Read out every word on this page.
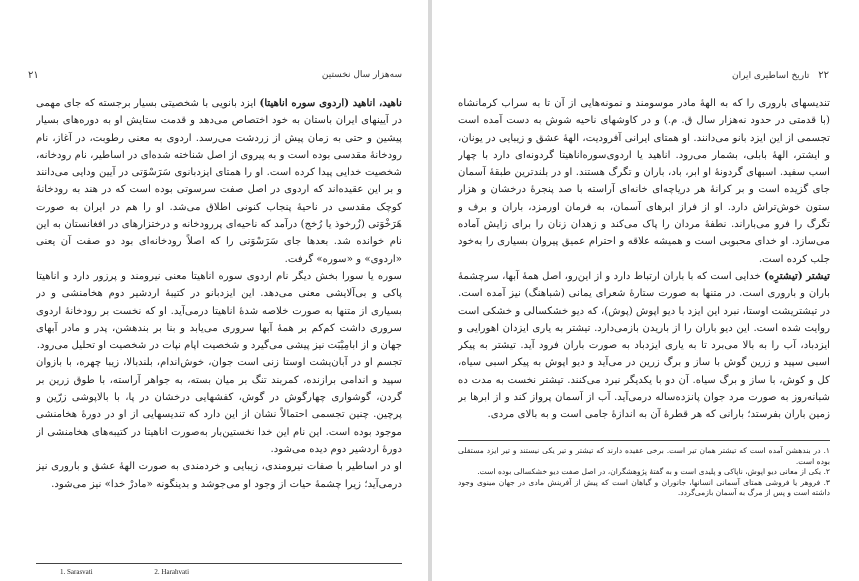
سه‌هزار سال نخستین
۲۱

ناهید، اناهید (اردوی سوره اناهیتا) ایزد بانویی با شخصیتی بسیار برجسته که جای مهمی در آیینهای ایران باستان به خود اختصاص می‌دهد و قدمت ستایش او به دوره‌های بسیار پیشین و حتی به زمان پیش از زردشت می‌رسد. اردوی به معنی رطوبت، در آغاز، نام رودخانهٔ مقدسی بوده است و به پیروی از اصل شناخته شده‌ای در اساطیر، نام رودخانه، شخصیت خدایی پیدا کرده است. او را همتای ایزدبانوی سَرَسْوَتی در آیین ودایی می‌دانند و بر این عقیده‌اند که اردوی در اصل صفت سرسوتی بوده است که در هند به رودخانهٔ کوچک مقدسی در ناحیهٔ پنجاب کنونی اطلاق می‌شد. او را هم در ایران به صورت هَرَخْوَتی (زُرخوذ یا رُخج) درآمد که ناحیه‌ای پررودخانه و درختزارهای در افغانستان به این نام خوانده شد. بعدها جای سَرَسْوَتی را که اصلاً رودخانه‌ای بود دو صفت آن یعنی «اردوی» و «سوره» گرفت.

سوره یا سورا بخش دیگر نام اردوی سوره اناهیتا معنی نیرومند و پرزور دارد و اناهیتا پاکی و بی‌آلایشی معنی می‌دهد. این ایزدبانو در کتیبهٔ اردشیر دوم هخامنشی و در بسیاری از متنها به صورت خلاصه شدهٔ اناهیتا درمی‌آید. او که نخست بر رودخانهٔ اردوی سروری داشت کم‌کم بر همهٔ آبها سروری می‌یابد و بنا بر بندهشن، پدر و مادر آبهای جهان و از ابامِیْبَت نیز پیشی می‌گیرد و شخصیت اپام نپات در شخصیت او تحلیل می‌رود.

تجسم او در آبان‌یشت اوستا زنی است جوان، خوش‌اندام، بلندبالا، زیبا چهره، با بازوان سپید و اندامی برازنده، کمربند تنگ بر میان بسته، به جواهر آراسته، با طوق زرین بر گردن، گوشواری چهارگوش در گوش، کفشهایی درخشان در پا، با بالاپوشی زرّین و پرچین. چنین تجسمی احتمالاً نشان از این دارد که تندیسهایی از او در دورهٔ هخامنشی موجود بوده است. این نام این خدا نخستین‌بار به‌صورت اناهیتا در کتیبه‌های هخامنشی از دورهٔ اردشیر دوم دیده می‌شود.

او در اساطیر با صفات نیرومندی، زیبایی و خردمندی به صورت الههٔ عشق و باروری نیز درمی‌آید؛ زیرا چشمهٔ حیات از وجود او می‌جوشد و بدینگونه «مادرْ خدا» نیز می‌شود.

1. Sarasvati	2. Harahvati
۲۲ تاریخ اساطیری ایران

تندیسهای باروری را که به الههٔ مادر موسومند و نمونه‌هایی از آن تا به‌ سراب کرمانشاه (با قدمتی در حدود نه‌هزار سال ق. م.) و در کاوشهای ناحیه شوش به دست آمده است تجسمی از این ایزد بانو می‌دانند. او همتای ایرانی آفرودیت، الههٔ عشق و زیبایی در یونان، و ایشتر، الههٔ بابلی، بشمار می‌رود. اناهید یا اردوی‌سوره‌اناهیتا گردونه‌ای دارد با چهار اسب سفید. اسبهای گردونهٔ او ابر، باد، باران و تگرگ هستند. او در بلندترین طبقهٔ آسمان جای گزیده است و بر کرانهٔ هر دریاچه‌ای خانه‌ای آراسته با صد پنجرهٔ درخشان و هزار ستون خوش‌تراش دارد. او از فراز ابرهای آسمان، به فرمان اورمزد، باران و برف و تگرگ را فرو می‌باراند. نطفهٔ مردان را پاک می‌کند و زهدان زنان را برای زایش آماده می‌سازد. او خدای محبوبی است و همیشه علاقه و احترام عمیق پیروان بسیاری را به‌خود جلب کرده است.

تیشتر (تیشترِه) خدایی است که با باران ارتباط دارد و از این‌رو، اصل همهٔ آبها، سرچشمهٔ باران و باروری است. در متنها به صورت ستارهٔ شعرای یمانی (شباهنگ) نیز آمده است. در تیشتریشت اوستا، نبرد این ایزد با دیو اپوش (پوش)، که دیو خشکسالی و خشکی است روایت شده است. این دیو باران را از باریدن بازمی‌دارد. تیشتر به یاری ایزدان اهورایی و ایزدباد، آب را به بالا می‌برد تا به یاری ایزدباد به صورت باران فرود آید. تیشتر به پیکر اسبی سپید و زرین گوش با ساز و برگ زرین در می‌آید و دیو اپوش به پیکر اسبی سیاه، کل و کوش، با ساز و برگ سیاه. آن دو با یکدیگر نبرد می‌کنند. تیشتر نخست به مدت ده شبانه‌روز به صورت مرد جوان پانزده‌ساله درمی‌آید. آب از آسمان پرواز کند و از ابرها بر زمین باران بفرستد؛ بارانی که هر قطرهٔ آن به اندازهٔ جامی است و به بالای مردی.

۱. در بندهشن آمده است که تیشتر همان تیر است. برخی عقیده دارند که تیشتر و تیر یکی نیستند و تیر ایزد مستقلی بوده است.

۲. یکی از معانی دیو اپوش، ناپاکی و پلیدی است و به گفتهٔ پژوهشگران، در اصل صفت دیو خشکسالی بوده است.

۳. فروهر یا فروشی همتای آسمانی انسانها، جانوران و گیاهان است که پیش از آفرینش مادی در جهان مینوی وجود داشته است و پس از مرگ به آسمان بازمی‌گردد.
